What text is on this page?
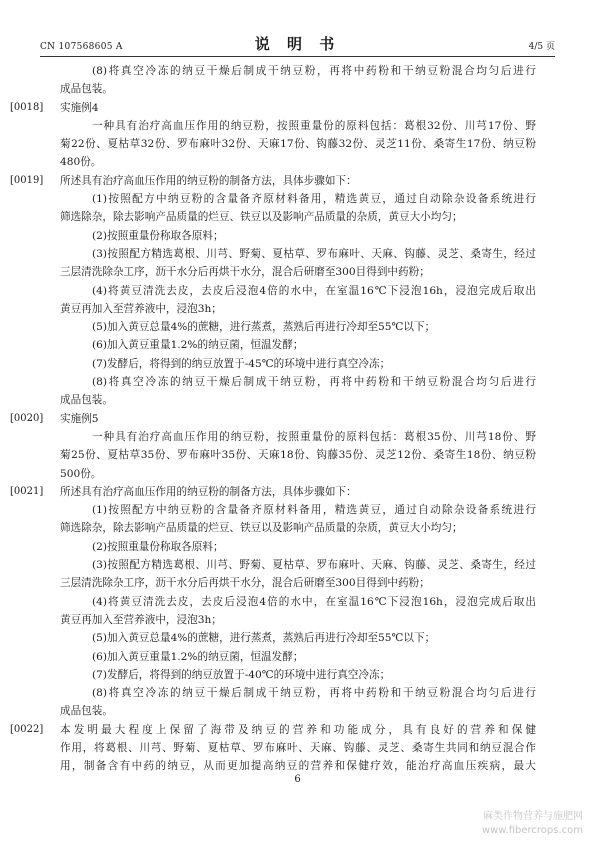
CN 107568605 A	说 明 书	4/5 页
(8)将真空冷冻的纳豆干燥后制成干纳豆粉，再将中药粉和干纳豆粉混合均匀后进行
成品包装。
[0018]	实施例4
一种具有治疗高血压作用的纳豆粉，按照重量份的原料包括：葛根32份、川芎17份、野
菊22份、夏枯草32份、罗布麻叶32份、天麻17份、钩藤32份、灵芝11份、桑寄生17份、纳豆粉
480份。
[0019]	所述具有治疗高血压作用的纳豆粉的制备方法，具体步骤如下：
(1)按照配方中纳豆粉的含量备齐原材料备用，精选黄豆，通过自动除杂设备系统进行
筛选除杂，除去影响产品质量的烂豆、铁豆以及影响产品质量的杂质，黄豆大小均匀；
(2)按照重量份称取各原料；
(3)按照配方精选葛根、川芎、野菊、夏枯草、罗布麻叶、天麻、钩藤、灵芝、桑寄生，经过
三层清洗除杂工序，沥干水分后再烘干水分，混合后研磨至300目得到中药粉；
(4)将黄豆清洗去皮，去皮后浸泡4倍的水中，在室温16℃下浸泡16h，浸泡完成后取出
黄豆再加入至营养液中，浸泡3h；
(5)加入黄豆总量4%的蔗糖，进行蒸煮，蒸熟后再进行冷却至55℃以下；
(6)加入黄豆重量1.2%的纳豆菌，恒温发酵；
(7)发酵后，将得到的纳豆放置于-45℃的环境中进行真空冷冻；
(8)将真空冷冻的纳豆干燥后制成干纳豆粉，再将中药粉和干纳豆粉混合均匀后进行
成品包装。
[0020]	实施例5
一种具有治疗高血压作用的纳豆粉，按照重量份的原料包括：葛根35份、川芎18份、野
菊25份、夏枯草35份、罗布麻叶35份、天麻18份、钩藤35份、灵芝12份、桑寄生18份、纳豆粉
500份。
[0021]	所述具有治疗高血压作用的纳豆粉的制备方法，具体步骤如下：
(1)按照配方中纳豆粉的含量备齐原材料备用，精选黄豆，通过自动除杂设备系统进行
筛选除杂，除去影响产品质量的烂豆、铁豆以及影响产品质量的杂质，黄豆大小均匀；
(2)按照重量份称取各原料；
(3)按照配方精选葛根、川芎、野菊、夏枯草、罗布麻叶、天麻、钩藤、灵芝、桑寄生，经过
三层清洗除杂工序，沥干水分后再烘干水分，混合后研磨至300目得到中药粉；
(4)将黄豆清洗去皮，去皮后浸泡4倍的水中，在室温16℃下浸泡16h，浸泡完成后取出
黄豆再加入至营养液中，浸泡3h；
(5)加入黄豆总量4%的蔗糖，进行蒸煮，蒸熟后再进行冷却至55℃以下；
(6)加入黄豆重量1.2%的纳豆菌，恒温发酵；
(7)发酵后，将得到的纳豆放置于-40℃的环境中进行真空冷冻；
(8)将真空冷冻的纳豆干燥后制成干纳豆粉，再将中药粉和干纳豆粉混合均匀后进行
成品包装。
[0022]	本发明最大程度上保留了海带及纳豆的营养和功能成分，具有良好的营养和保健
作用，将葛根、川芎、野菊、夏枯草、罗布麻叶、天麻、钩藤、灵芝、桑寄生共同和纳豆混合作
用，制备含有中药的纳豆，从而更加提高纳豆的营养和保健疗效，能治疗高血压疾病，最大
6
麻类作物营养与施肥网
www.fibercrops.com
